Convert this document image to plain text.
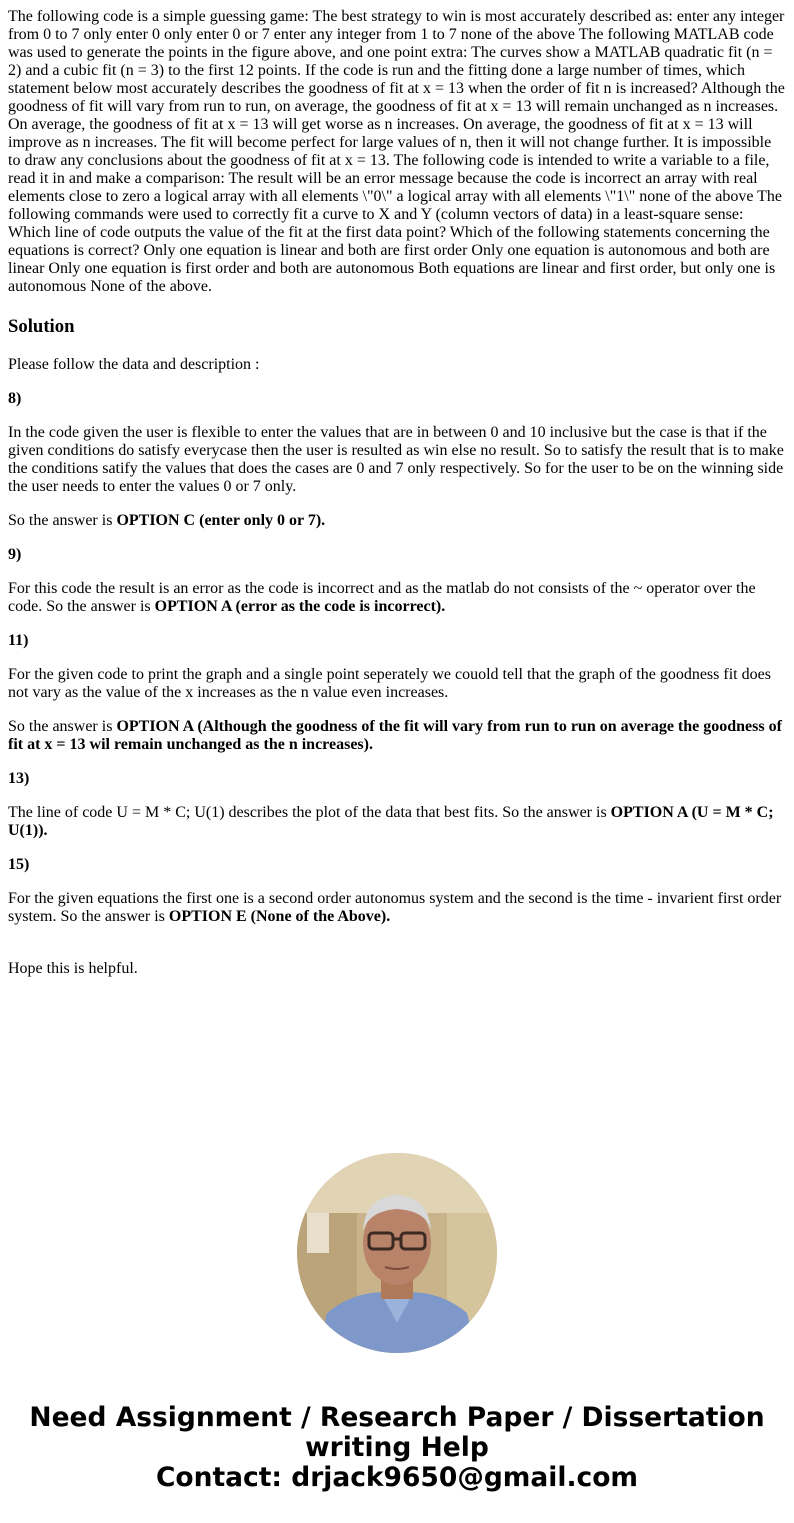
The following code is a simple guessing game: The best strategy to win is most accurately described as: enter any integer from 0 to 7 only enter 0 only enter 0 or 7 enter any integer from 1 to 7 none of the above The following MATLAB code was used to generate the points in the figure above, and one point extra: The curves show a MATLAB quadratic fit (n = 2) and a cubic fit (n = 3) to the first 12 points. If the code is run and the fitting done a large number of times, which statement below most accurately describes the goodness of fit at x = 13 when the order of fit n is increased? Although the goodness of fit will vary from run to run, on average, the goodness of fit at x = 13 will remain unchanged as n increases. On average, the goodness of fit at x = 13 will get worse as n increases. On average, the goodness of fit at x = 13 will improve as n increases. The fit will become perfect for large values of n, then it will not change further. It is impossible to draw any conclusions about the goodness of fit at x = 13. The following code is intended to write a variable to a file, read it in and make a comparison: The result will be an error message because the code is incorrect an array with real elements close to zero a logical array with all elements \"0\" a logical array with all elements \"1\" none of the above The following commands were used to correctly fit a curve to X and Y (column vectors of data) in a least-square sense: Which line of code outputs the value of the fit at the first data point? Which of the following statements concerning the equations is correct? Only one equation is linear and both are first order Only one equation is autonomous and both are linear Only one equation is first order and both are autonomous Both equations are linear and first order, but only one is autonomous None of the above.
Solution

Please follow the data and description :

8)

In the code given the user is flexible to enter the values that are in between 0 and 10 inclusive but the case is that if the given conditions do satisfy everycase then the user is resulted as win else no result. So to satisfy the result that is to make the conditions satify the values that does the cases are 0 and 7 only respectively. So for the user to be on the winning side the user needs to enter the values 0 or 7 only.

So the answer is OPTION C (enter only 0 or 7).

9)

For this code the result is an error as the code is incorrect and as the matlab do not consists of the ~ operator over the code. So the answer is OPTION A (error as the code is incorrect).

11)

For the given code to print the graph and a single point seperately we couold tell that the graph of the goodness fit does not vary as the value of the x increases as the n value even increases.

So the answer is OPTION A (Although the goodness of the fit will vary from run to run on average the goodness of fit at x = 13 wil remain unchanged as the n increases).

13)

The line of code U = M * C; U(1) describes the plot of the data that best fits. So the answer is OPTION A (U = M * C; U(1)).

15)

For the given equations the first one is a second order autonomus system and the second is the time - invarient first order system. So the answer is OPTION E (None of the Above).

Hope this is helpful.

Need Assignment / Research Paper / Dissertation
writing Help
Contact: drjack9650@gmail.com
